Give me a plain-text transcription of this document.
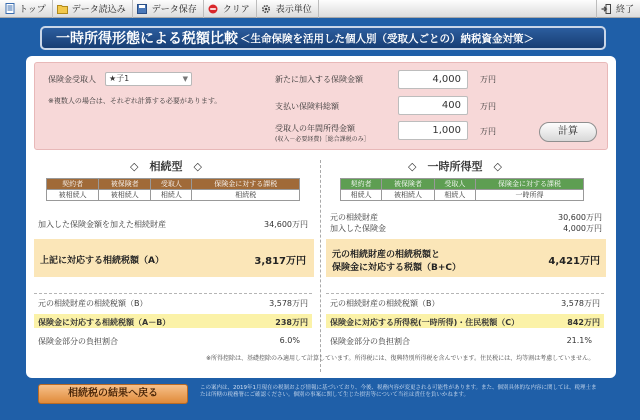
トップ	データ読込み	データ保存	クリア	表示単位	終了
一時所得形態による税額比較 ＜生命保険を活用した個人別（受取人ごとの）納税資金対策＞
保険金受取人	★子1	▼
※複数人の場合は、それぞれ計算する必要があります。
新たに加入する保険金額	4,000	万円
支払い保険料総額	400	万円
受取人の年間所得金額
(収入－必要経費)［総合課税のみ］
1,000	万円	計算
◇　相続型　◇	◇　一時所得型　◇
契約者	被保険者	受取人	保険金に対する課税
被相続人	被相続人	相続人	相続税
契約者	被保険者	受取人	保険金に対する課税
相続人	被相続人	相続人	一時所得
加入した保険金額を加えた相続財産	34,600万円
元の相続財産	30,600万円
加入した保険金	4,000万円
上記に対応する相続税額（A）	3,817万円
元の相続財産の相続税額と
保険金に対応する税額（B+C）
4,421万円
元の相続財産の相続税額（B）	3,578万円
保険金に対応する相続税額（A－B）	238万円
保険金部分の負担割合	6.0%
元の相続財産の相続税額（B）	3,578万円
保険金に対応する所得税(一時所得)・住民税額（C）	842万円
保険金部分の負担割合	21.1%
※所得控除は、基礎控除のみ適用して計算しています。所得税には、復興特別所得税を含んでいます。住民税には、均等割は考慮していません。
相続税の結果へ戻る	この案内は、2019年1月現在の税制および情報に基づいており、今後、税務内容が変更される可能性があります。また、個別具体的な内容に関しては、税理士または所轄の税務署にご確認ください。個別の事案に関して生じた損害等について当社は責任を負いかねます。
